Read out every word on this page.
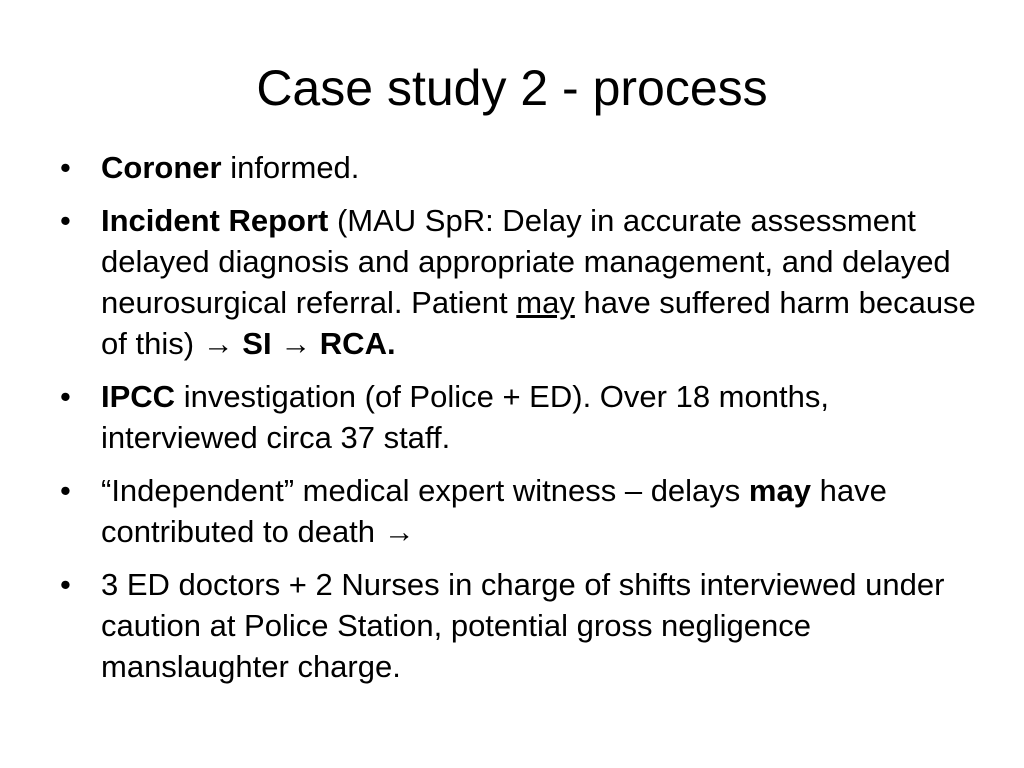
Case study 2 - process
• Coroner informed.
• Incident Report (MAU SpR: Delay in accurate assessment delayed diagnosis and appropriate management, and delayed neurosurgical referral. Patient may have suffered harm because of this) → SI → RCA.
• IPCC investigation (of Police + ED). Over 18 months, interviewed circa 37 staff.
• “Independent” medical expert witness – delays may have contributed to death →
• 3 ED doctors + 2 Nurses in charge of shifts interviewed under caution at Police Station, potential gross negligence manslaughter charge.
